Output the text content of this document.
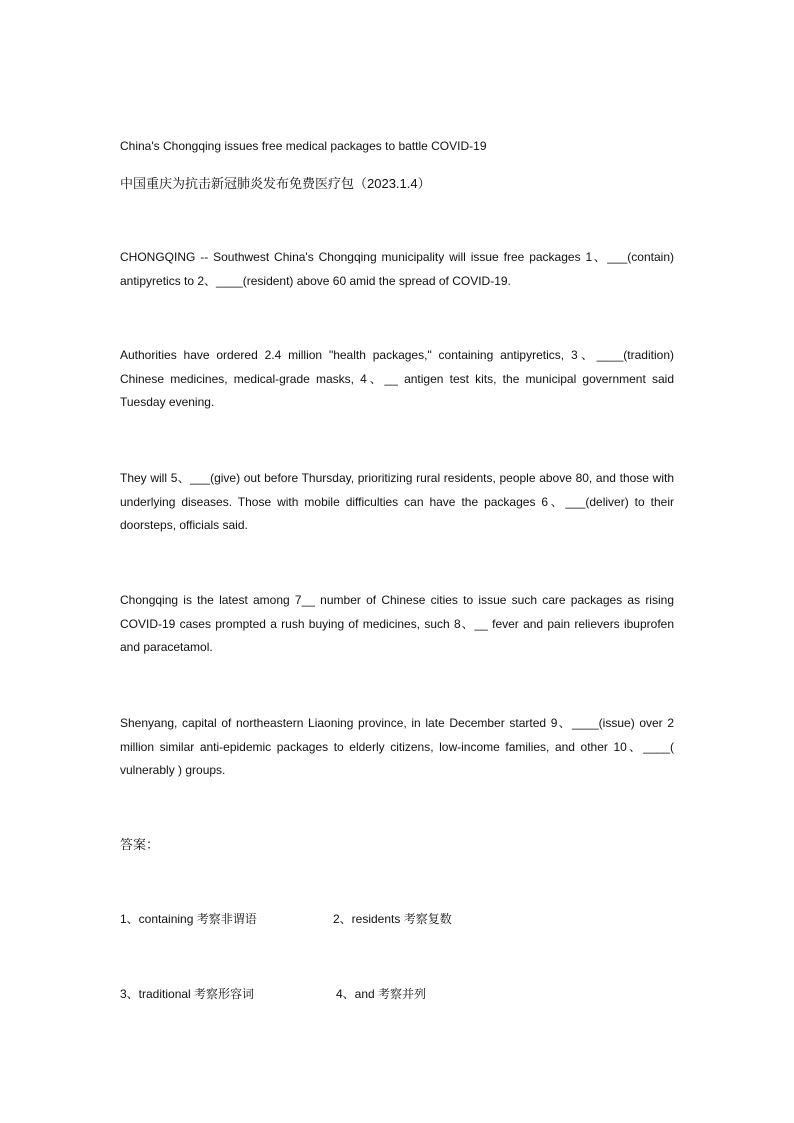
China's Chongqing issues free medical packages to battle COVID-19
中国重庆为抗击新冠肺炎发布免费医疗包（2023.1.4）
CHONGQING -- Southwest China's Chongqing municipality will issue free packages 1、___(contain) antipyretics to 2、____(resident) above 60 amid the spread of COVID-19.
Authorities have ordered 2.4 million "health packages," containing antipyretics, 3、____(tradition) Chinese medicines, medical-grade masks, 4、__ antigen test kits, the municipal government said Tuesday evening.
They will 5、___(give) out before Thursday, prioritizing rural residents, people above 80, and those with underlying diseases. Those with mobile difficulties can have the packages 6、___(deliver) to their doorsteps, officials said.
Chongqing is the latest among 7__ number of Chinese cities to issue such care packages as rising COVID-19 cases prompted a rush buying of medicines, such 8、__ fever and pain relievers ibuprofen and paracetamol.
Shenyang, capital of northeastern Liaoning province, in late December started 9、____(issue) over 2 million similar anti-epidemic packages to elderly citizens, low-income families, and other 10、____( vulnerably ) groups.
答案：
1、containing 考察非谓语	2、residents 考察复数
3、traditional 考察形容词	4、and 考察并列
